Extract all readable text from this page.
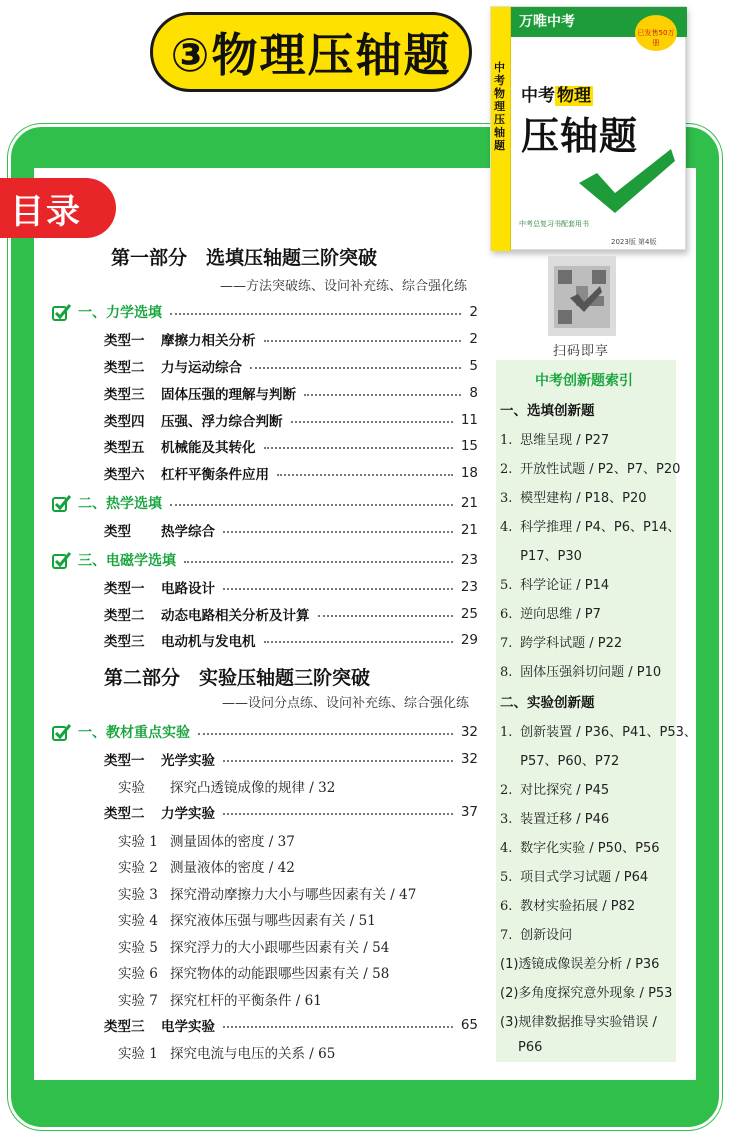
③物理压轴题
目录
中考物理压轴题
万唯中考
已发售50万册
中考 物理
压轴题
中考总复习书配套用书
2023版 第4版
扫码即享
第一部分　选填压轴题三阶突破
——方法突破练、设问补充练、综合强化练
一、力学选填	2
类型一 摩擦力相关分析	2
类型二 力与运动综合	5
类型三 固体压强的理解与判断	8
类型四 压强、浮力综合判断	11
类型五 机械能及其转化	15
类型六 杠杆平衡条件应用	18
二、热学选填	21
类型 热学综合	21
三、电磁学选填	23
类型一 电路设计	23
类型二 动态电路相关分析及计算	25
类型三 电动机与发电机	29
第二部分　实验压轴题三阶突破
——设问分点练、设问补充练、综合强化练
一、教材重点实验	32
类型一 光学实验	32
实验 探究凸透镜成像的规律 / 32
类型二 力学实验	37
实验 1 测量固体的密度 / 37
实验 2 测量液体的密度 / 42
实验 3 探究滑动摩擦力大小与哪些因素有关 / 47
实验 4 探究液体压强与哪些因素有关 / 51
实验 5 探究浮力的大小跟哪些因素有关 / 54
实验 6 探究物体的动能跟哪些因素有关 / 58
实验 7 探究杠杆的平衡条件 / 61
类型三 电学实验	65
实验 1 探究电流与电压的关系 / 65
中考创新题索引
一、选填创新题
1. 思维呈现 / P27
2. 开放性试题 / P2、P7、P20
3. 模型建构 / P18、P20
4. 科学推理 / P4、P6、P14、
P17、P30
5. 科学论证 / P14
6. 逆向思维 / P7
7. 跨学科试题 / P22
8. 固体压强斜切问题 / P10
二、实验创新题
1. 创新装置 / P36、P41、P53、
P57、P60、P72
2. 对比探究 / P45
3. 装置迁移 / P46
4. 数字化实验 / P50、P56
5. 项目式学习试题 / P64
6. 教材实验拓展 / P82
7. 创新设问
(1)透镜成像误差分析 / P36
(2)多角度探究意外现象 / P53
(3)规律数据推导实验错误 /
P66
